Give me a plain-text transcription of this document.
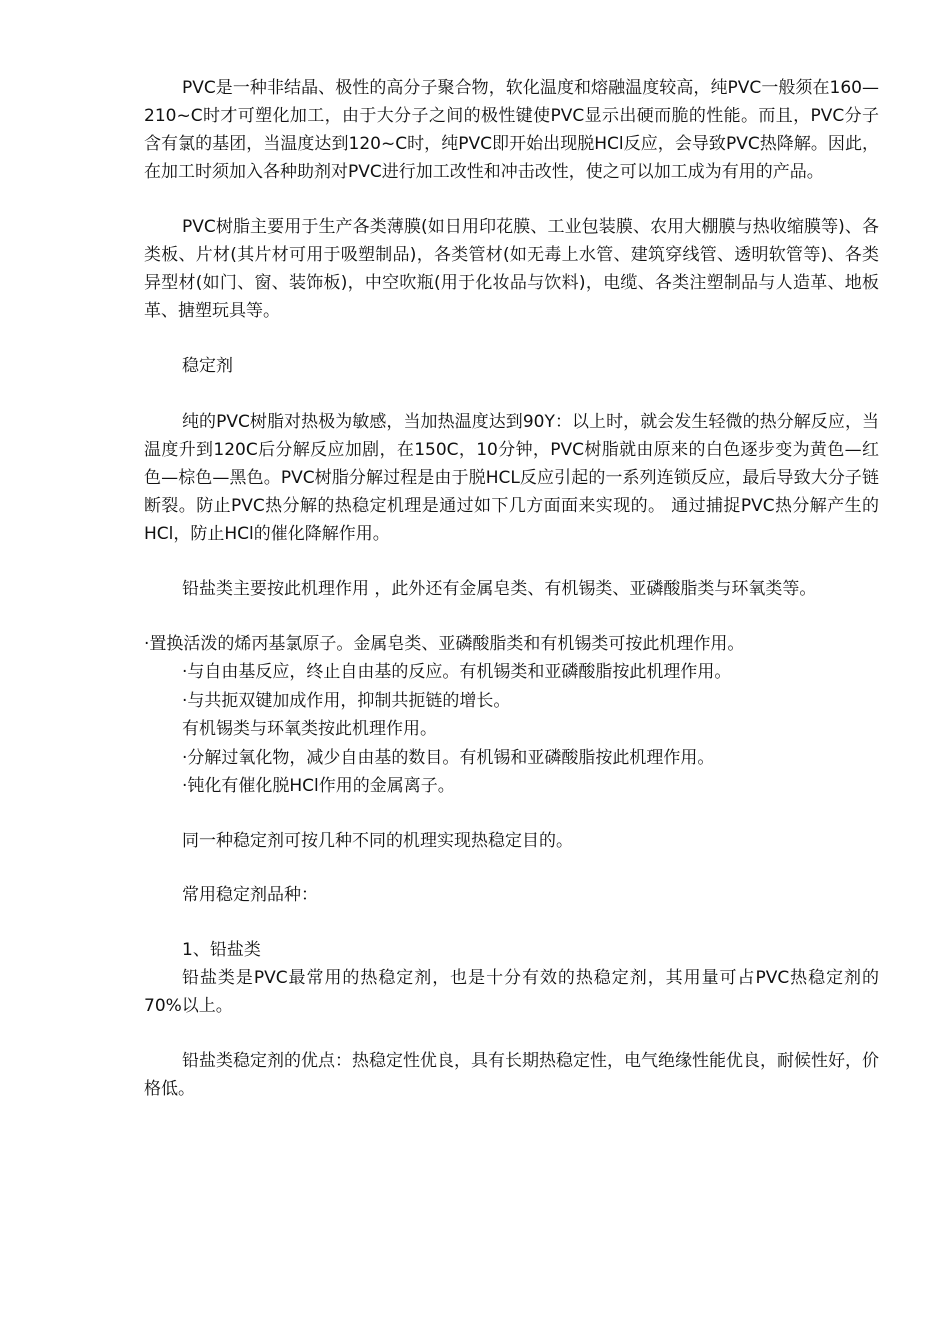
PVC是一种非结晶、极性的高分子聚合物，软化温度和熔融温度较高，纯PVC一般须在160—210~C时才可塑化加工，由于大分子之间的极性键使PVC显示出硬而脆的性能。而且，PVC分子含有氯的基团，当温度达到120~C时，纯PVC即开始出现脱HCl反应，会导致PVC热降解。因此，在加工时须加入各种助剂对PVC进行加工改性和冲击改性，使之可以加工成为有用的产品。

PVC树脂主要用于生产各类薄膜(如日用印花膜、工业包装膜、农用大棚膜与热收缩膜等)、各类板、片材(其片材可用于吸塑制品)，各类管材(如无毒上水管、建筑穿线管、透明软管等)、各类异型材(如门、窗、装饰板)，中空吹瓶(用于化妆品与饮料)，电缆、各类注塑制品与人造革、地板革、搪塑玩具等。

稳定剂

纯的PVC树脂对热极为敏感，当加热温度达到90Y：以上时，就会发生轻微的热分解反应，当温度升到120C后分解反应加剧，在150C，10分钟，PVC树脂就由原来的白色逐步变为黄色—红色—棕色—黑色。PVC树脂分解过程是由于脱HCL反应引起的一系列连锁反应，最后导致大分子链断裂。防止PVC热分解的热稳定机理是通过如下几方面面来实现的。 通过捕捉PVC热分解产生的HCl，防止HCl的催化降解作用。

铅盐类主要按此机理作用 ，此外还有金属皂类、有机锡类、亚磷酸脂类与环氧类等。

·置换活泼的烯丙基氯原子。金属皂类、亚磷酸脂类和有机锡类可按此机理作用。

·与自由基反应，终止自由基的反应。有机锡类和亚磷酸脂按此机理作用。

·与共扼双键加成作用，抑制共扼链的增长。

有机锡类与环氧类按此机理作用。

·分解过氧化物，减少自由基的数目。有机锡和亚磷酸脂按此机理作用。

·钝化有催化脱HCl作用的金属离子。

同一种稳定剂可按几种不同的机理实现热稳定目的。

常用稳定剂品种：

1、铅盐类

铅盐类是PVC最常用的热稳定剂，也是十分有效的热稳定剂，其用量可占PVC热稳定剂的70%以上。

铅盐类稳定剂的优点：热稳定性优良，具有长期热稳定性，电气绝缘性能优良，耐候性好，价格低。
